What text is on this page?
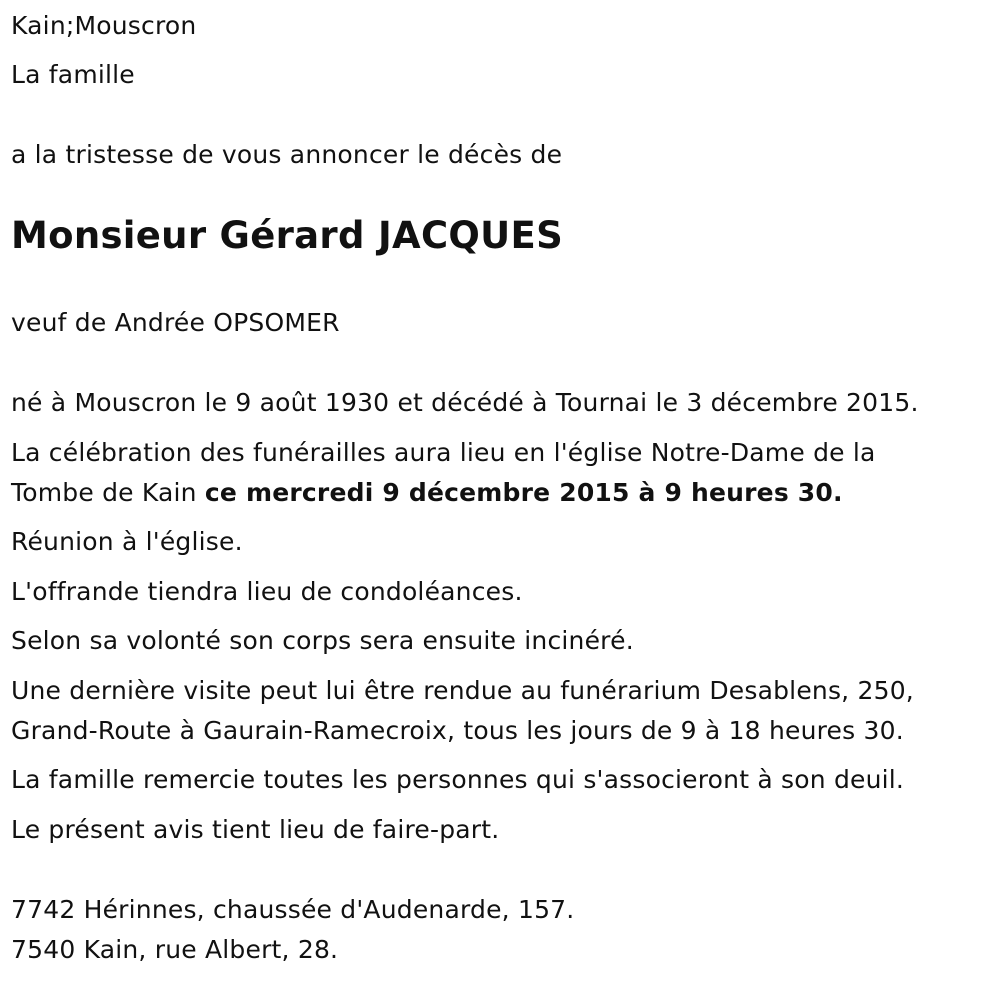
Kain;Mouscron
La famille
a la tristesse de vous annoncer le décès de
Monsieur Gérard JACQUES
veuf de Andrée OPSOMER
né à Mouscron le 9 août 1930 et décédé à Tournai le 3 décembre 2015.
La célébration des funérailles aura lieu en l'église Notre-Dame de la
Tombe de Kain ce mercredi 9 décembre 2015 à 9 heures 30.
Réunion à l'église.
L'offrande tiendra lieu de condoléances.
Selon sa volonté son corps sera ensuite incinéré.
Une dernière visite peut lui être rendue au funérarium Desablens, 250,
Grand-Route à Gaurain-Ramecroix, tous les jours de 9 à 18 heures 30.
La famille remercie toutes les personnes qui s'associeront à son deuil.
Le présent avis tient lieu de faire-part.
7742 Hérinnes, chaussée d'Audenarde, 157.
7540 Kain, rue Albert, 28.
